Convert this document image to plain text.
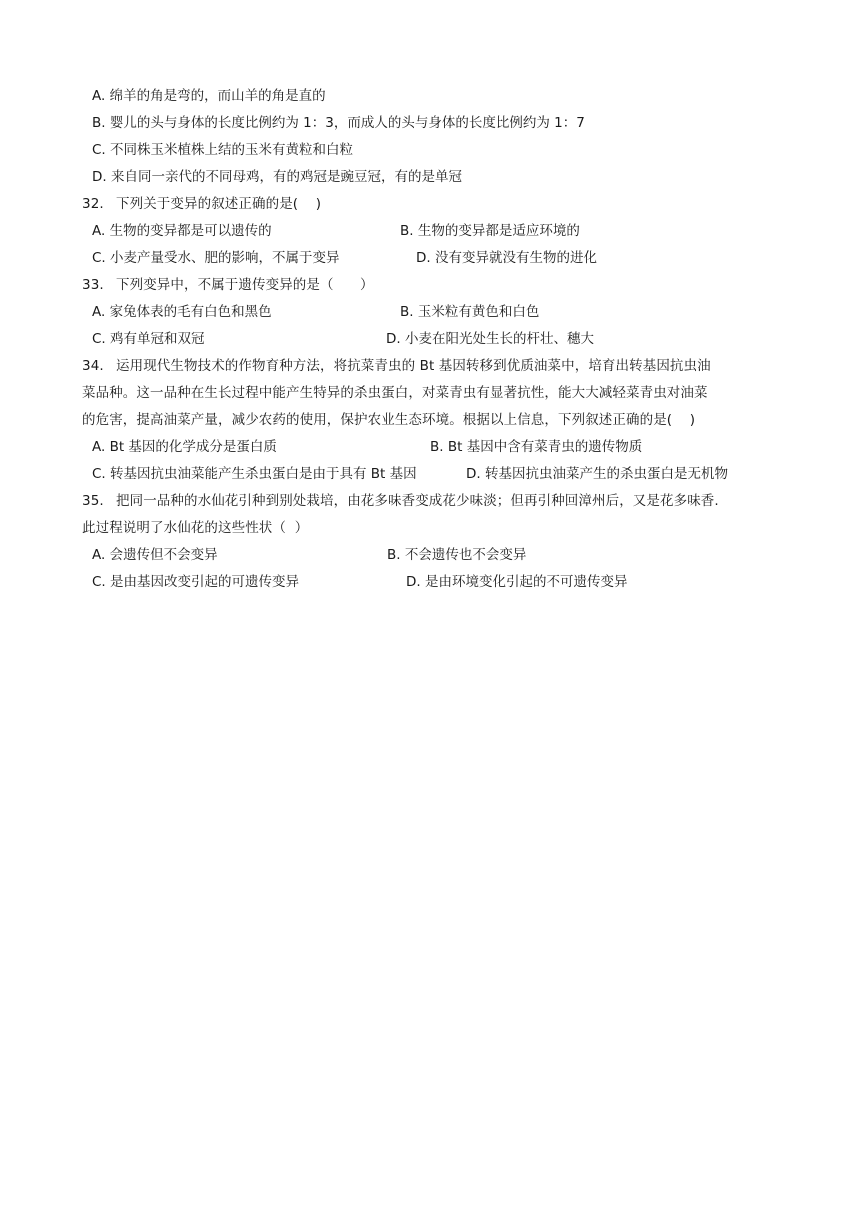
A. 绵羊的角是弯的，而山羊的角是直的
B. 婴儿的头与身体的长度比例约为 1：3，而成人的头与身体的长度比例约为 1：7
C. 不同株玉米植株上结的玉米有黄粒和白粒
D. 来自同一亲代的不同母鸡，有的鸡冠是豌豆冠，有的是单冠
32. 下列关于变异的叙述正确的是(    )
A. 生物的变异都是可以遗传的	B. 生物的变异都是适应环境的
C. 小麦产量受水、肥的影响，不属于变异	D. 没有变异就没有生物的进化
33. 下列变异中，不属于遗传变异的是（      ）
A. 家兔体表的毛有白色和黑色	B. 玉米粒有黄色和白色
C. 鸡有单冠和双冠	D. 小麦在阳光处生长的杆壮、穗大
34. 运用现代生物技术的作物育种方法，将抗菜青虫的 Bt 基因转移到优质油菜中，培育出转基因抗虫油
菜品种。这一品种在生长过程中能产生特异的杀虫蛋白，对菜青虫有显著抗性，能大大减轻菜青虫对油菜
的危害，提高油菜产量，减少农药的使用，保护农业生态环境。根据以上信息，下列叙述正确的是(    )
A. Bt 基因的化学成分是蛋白质	B. Bt 基因中含有菜青虫的遗传物质
C. 转基因抗虫油菜能产生杀虫蛋白是由于具有 Bt 基因	D. 转基因抗虫油菜产生的杀虫蛋白是无机物
35. 把同一品种的水仙花引种到别处栽培，由花多味香变成花少味淡；但再引种回漳州后，又是花多味香.
此过程说明了水仙花的这些性状（  ）
A. 会遗传但不会变异	B. 不会遗传也不会变异
C. 是由基因改变引起的可遗传变异	D. 是由环境变化引起的不可遗传变异
